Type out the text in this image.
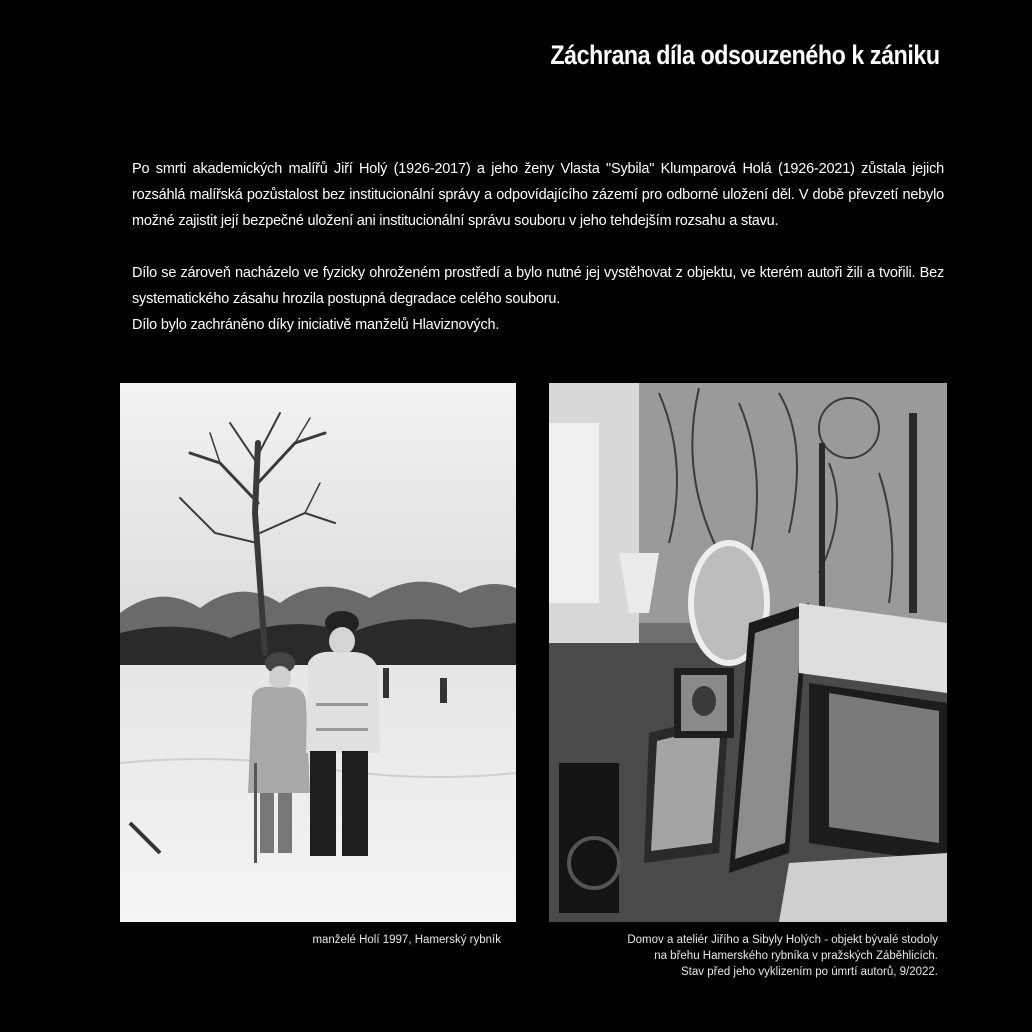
Záchrana díla odsouzeného k zániku

Po smrti akademických malířů Jiří Holý (1926-2017) a jeho ženy Vlasta "Sybila" Klumparová Holá (1926-2021) zůstala jejich rozsáhlá malířská pozůstalost bez institucionální správy a odpovídajícího zázemí pro odborné uložení děl. V době převzetí nebylo možné zajistit její bezpečné uložení ani institucionální správu souboru v jeho tehdejším rozsahu a stavu.

Dílo se zároveň nacházelo ve fyzicky ohroženém prostředí a bylo nutné jej vystěhovat z objektu, ve kterém autoři žili a tvořili. Bez systematického zásahu hrozila postupná degradace celého souboru.

Dílo bylo zachráněno díky iniciativě manželů Hlaviznových.

manželé Holí 1997, Hamerský rybník	Domov a ateliér Jiřího a Sibyly Holých - objekt bývalé stodoly
na břehu Hamerského rybníka v pražských Záběhlicích.
Stav před jeho vyklizením po úmrtí autorů, 9/2022.
